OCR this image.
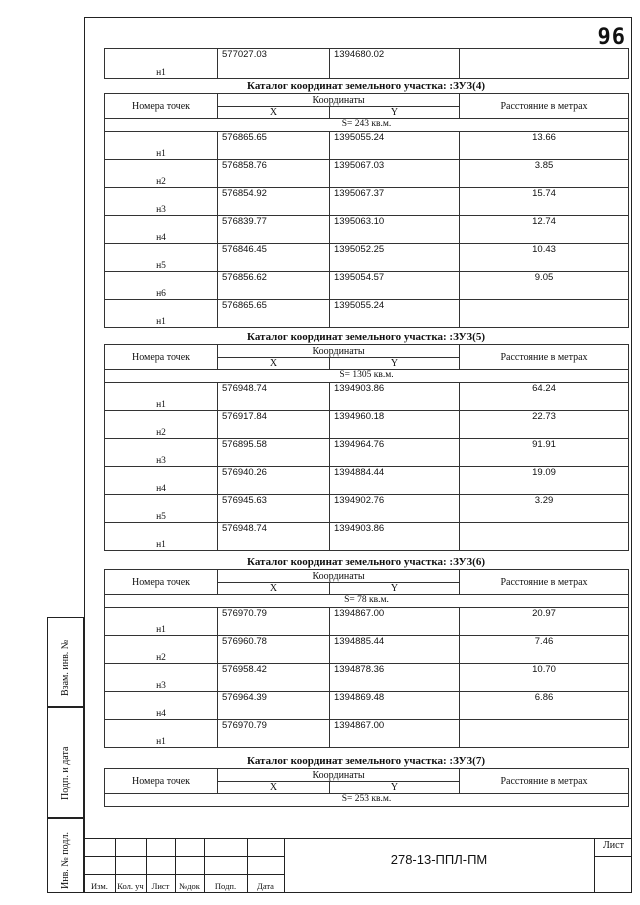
96
н1	577027.03	1394680.02	
Каталог координат земельного участка: :ЗУ3(4)
Номера точек	Координаты		Расстояние в метрах
	X	Y	
S= 243 кв.м.			
н1	576865.65	1395055.24	13.66
н2	576858.76	1395067.03	3.85
н3	576854.92	1395067.37	15.74
н4	576839.77	1395063.10	12.74
н5	576846.45	1395052.25	10.43
н6	576856.62	1395054.57	9.05
н1	576865.65	1395055.24	
Каталог координат земельного участка: :ЗУ3(5)
Номера точек	Координаты		Расстояние в метрах
	X	Y	
S= 1305 кв.м.			
н1	576948.74	1394903.86	64.24
н2	576917.84	1394960.18	22.73
н3	576895.58	1394964.76	91.91
н4	576940.26	1394884.44	19.09
н5	576945.63	1394902.76	3.29
н1	576948.74	1394903.86	
Каталог координат земельного участка: :ЗУ3(6)
Номера точек	Координаты		Расстояние в метрах
	X	Y	
S= 78 кв.м.			
н1	576970.79	1394867.00	20.97
н2	576960.78	1394885.44	7.46
н3	576958.42	1394878.36	10.70
н4	576964.39	1394869.48	6.86
н1	576970.79	1394867.00	
Каталог координат земельного участка: :ЗУ3(7)
Номера точек	Координаты		Расстояние в метрах
	X	Y	
S= 253 кв.м.			
Взам. инв. №
Подп. и дата
Инв. № подл.	Изм.	Кол. уч Лист	№док	Подп.	Дата
278-13-ППЛ-ПМ
Лист
